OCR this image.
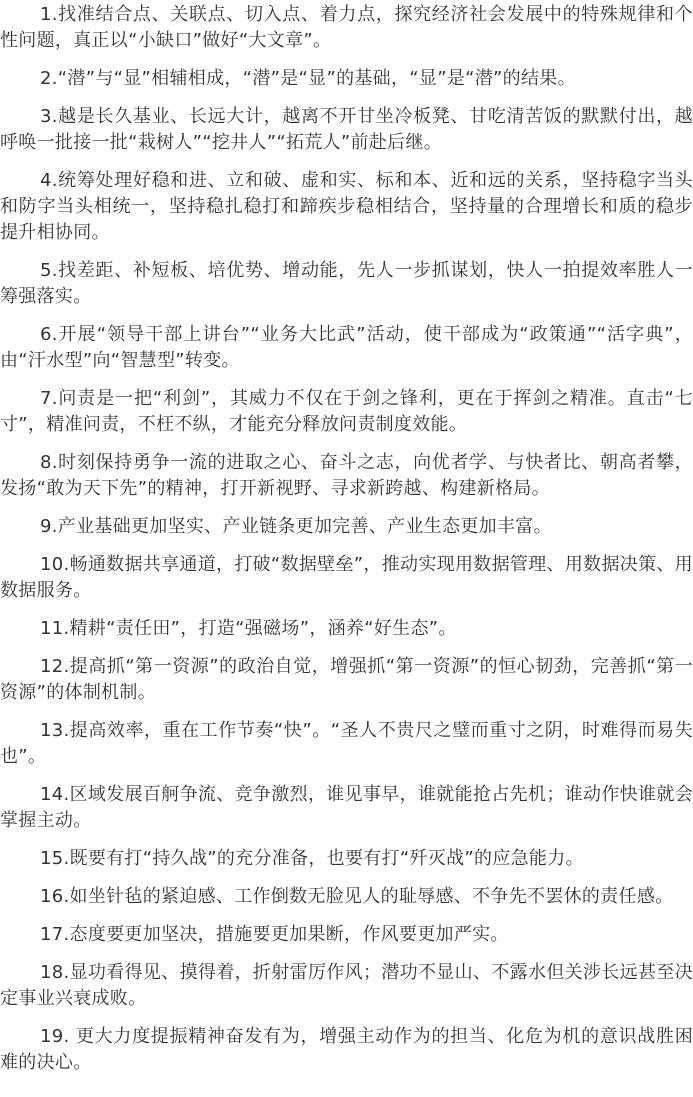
1.找准结合点、关联点、切入点、着力点，探究经济社会发展中的特殊规律和个性问题，真正以“小缺口”做好“大文章”。

2.“潜”与“显”相辅相成，“潜”是“显”的基础，“显”是“潜”的结果。

3.越是长久基业、长远大计，越离不开甘坐冷板凳、甘吃清苦饭的默默付出，越呼唤一批接一批“栽树人”“挖井人”“拓荒人”前赴后继。

4.统筹处理好稳和进、立和破、虚和实、标和本、近和远的关系，坚持稳字当头和防字当头相统一，坚持稳扎稳打和蹄疾步稳相结合，坚持量的合理增长和质的稳步提升相协同。

5.找差距、补短板、培优势、增动能，先人一步抓谋划，快人一拍提效率胜人一筹强落实。

6.开展“领导干部上讲台”“业务大比武”活动，使干部成为“政策通”“活字典”，由“汗水型”向“智慧型”转变。

7.问责是一把“利剑”，其威力不仅在于剑之锋利，更在于挥剑之精准。直击“七寸”，精准问责，不枉不纵，才能充分释放问责制度效能。

8.时刻保持勇争一流的进取之心、奋斗之志，向优者学、与快者比、朝高者攀，发扬“敢为天下先”的精神，打开新视野、寻求新跨越、构建新格局。

9.产业基础更加坚实、产业链条更加完善、产业生态更加丰富。

10.畅通数据共享通道，打破“数据壁垒”，推动实现用数据管理、用数据决策、用数据服务。

11.精耕“责任田”，打造“强磁场”，涵养“好生态”。

12.提高抓“第一资源”的政治自觉，增强抓“第一资源”的恒心韧劲，完善抓“第一资源”的体制机制。

13.提高效率，重在工作节奏“快”。“圣人不贵尺之璧而重寸之阴，时难得而易失也”。

14.区域发展百舸争流、竞争激烈，谁见事早，谁就能抢占先机；谁动作快谁就会掌握主动。

15.既要有打“持久战”的充分准备，也要有打“歼灭战”的应急能力。

16.如坐针毡的紧迫感、工作倒数无脸见人的耻辱感、不争先不罢休的责任感。

17.态度要更加坚决，措施要更加果断，作风要更加严实。

18.显功看得见、摸得着，折射雷厉作风；潜功不显山、不露水但关涉长远甚至决定事业兴衰成败。

19. 更大力度提振精神奋发有为，增强主动作为的担当、化危为机的意识战胜困难的决心。
